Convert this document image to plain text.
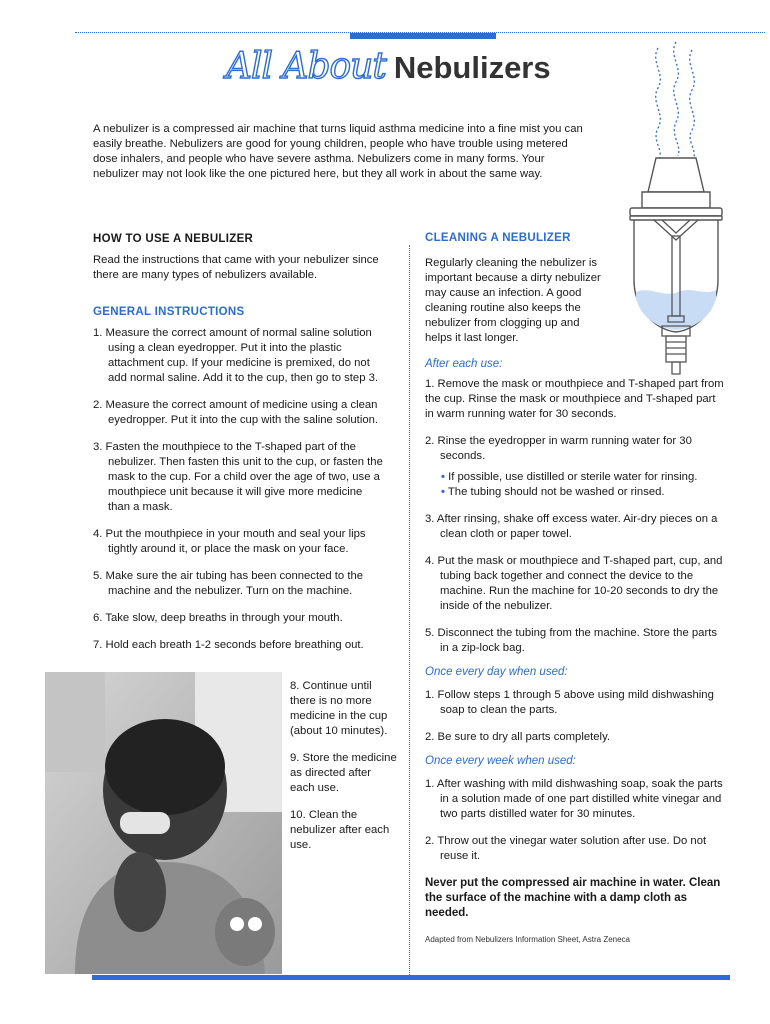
All About Nebulizers

A nebulizer is a compressed air machine that turns liquid asthma medicine into a fine mist you can easily breathe. Nebulizers are good for young children, people who have trouble using metered dose inhalers, and people who have severe asthma. Nebulizers come in many forms. Your nebulizer may not look like the one pictured here, but they all work in about the same way.

HOW TO USE A NEBULIZER

Read the instructions that came with your nebulizer since there are many types of nebulizers available.

GENERAL INSTRUCTIONS

1. Measure the correct amount of normal saline solution using a clean eyedropper. Put it into the plastic attachment cup. If your medicine is premixed, do not add normal saline. Add it to the cup, then go to step 3.

2. Measure the correct amount of medicine using a clean eyedropper. Put it into the cup with the saline solution.

3. Fasten the mouthpiece to the T-shaped part of the nebulizer. Then fasten this unit to the cup, or fasten the mask to the cup. For a child over the age of two, use a mouthpiece unit because it will give more medicine than a mask.

4. Put the mouthpiece in your mouth and seal your lips tightly around it, or place the mask on your face.

5. Make sure the air tubing has been connected to the machine and the nebulizer. Turn on the machine.

6. Take slow, deep breaths in through your mouth.

7. Hold each breath 1-2 seconds before breathing out.

8. Continue until there is no more medicine in the cup (about 10 minutes).

9. Store the medicine as directed after each use.

10. Clean the nebulizer after each use.

CLEANING A NEBULIZER

Regularly cleaning the nebulizer is important because a dirty nebulizer may cause an infection. A good cleaning routine also keeps the nebulizer from clogging up and helps it last longer.

After each use:

1. Remove the mask or mouthpiece and T-shaped part from the cup. Rinse the mask or mouthpiece and T-shaped part in warm running water for 30 seconds.

2. Rinse the eyedropper in warm running water for 30 seconds.

• If possible, use distilled or sterile water for rinsing.

• The tubing should not be washed or rinsed.

3. After rinsing, shake off excess water. Air-dry pieces on a clean cloth or paper towel.

4. Put the mask or mouthpiece and T-shaped part, cup, and tubing back together and connect the device to the machine. Run the machine for 10-20 seconds to dry the inside of the nebulizer.

5. Disconnect the tubing from the machine. Store the parts in a zip-lock bag.

Once every day when used:

1. Follow steps 1 through 5 above using mild dishwashing soap to clean the parts.

2. Be sure to dry all parts completely.

Once every week when used:

1. After washing with mild dishwashing soap, soak the parts in a solution made of one part distilled white vinegar and two parts distilled water for 30 minutes.

2. Throw out the vinegar water solution after use. Do not reuse it.

Never put the compressed air machine in water. Clean the surface of the machine with a damp cloth as needed.

Adapted from Nebulizers Information Sheet, Astra Zeneca
